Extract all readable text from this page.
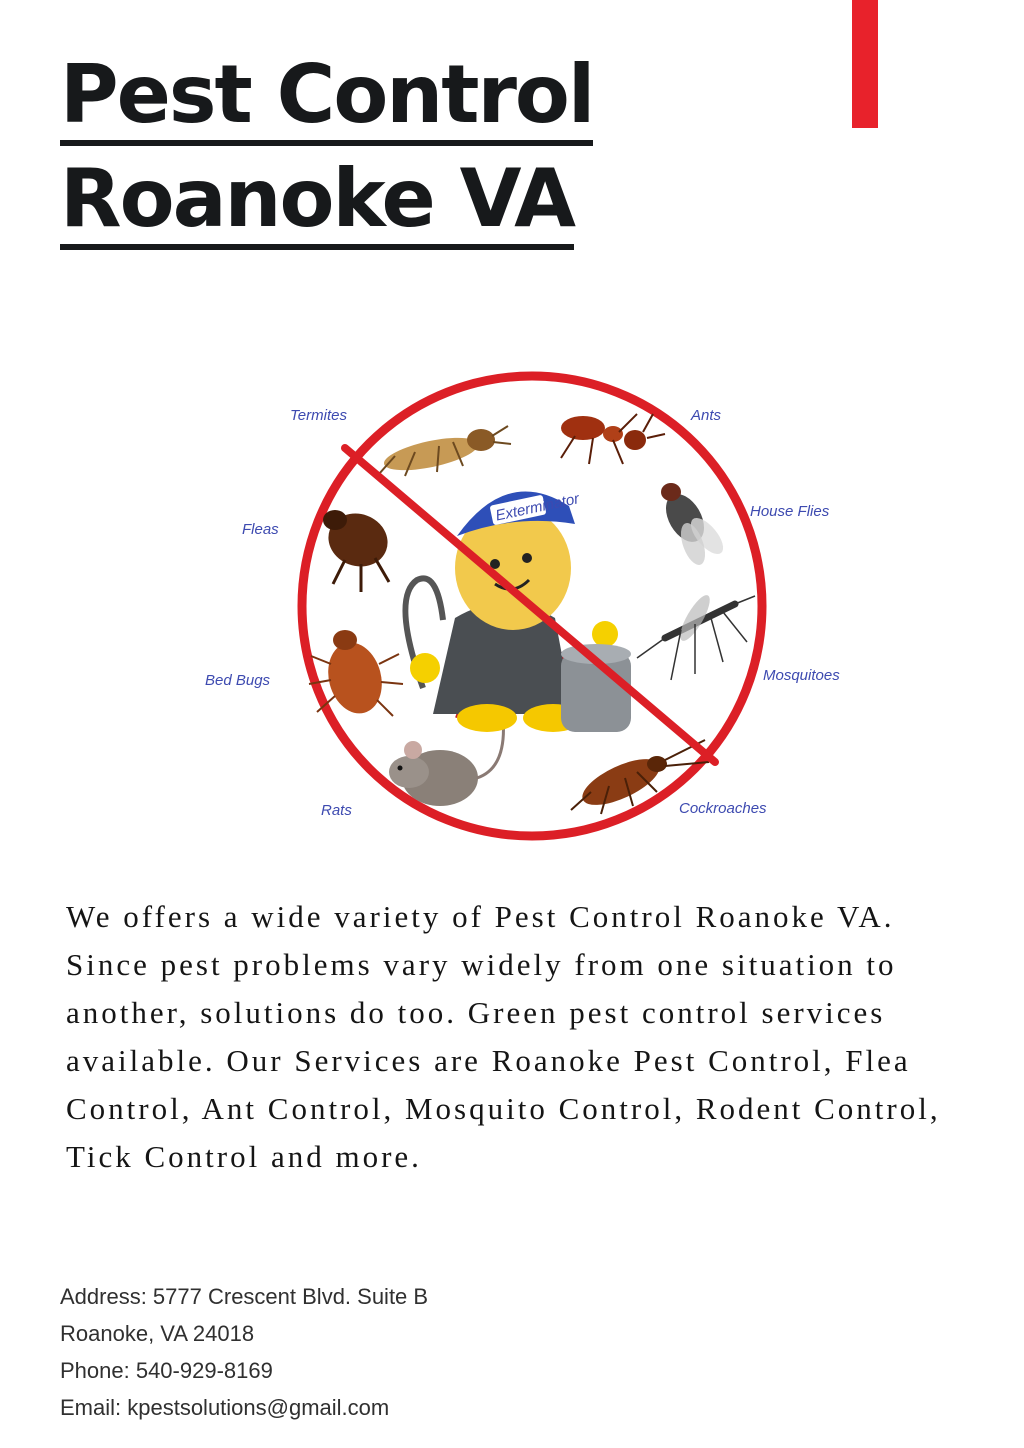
Pest Control
Roanoke VA
Termites	Ants
Fleas
House Flies
Bed Bugs	Mosquitoes
Rats	Cockroaches
Exterminator

We offers a wide variety of Pest Control Roanoke VA. Since pest problems vary widely from one situation to another, solutions do too. Green pest control services available. Our Services are Roanoke Pest Control, Flea Control, Ant Control, Mosquito Control, Rodent Control, Tick Control and more.

Address: 5777 Crescent Blvd. Suite B
Roanoke, VA 24018
Phone: 540-929-8169
Email: kpestsolutions@gmail.com
